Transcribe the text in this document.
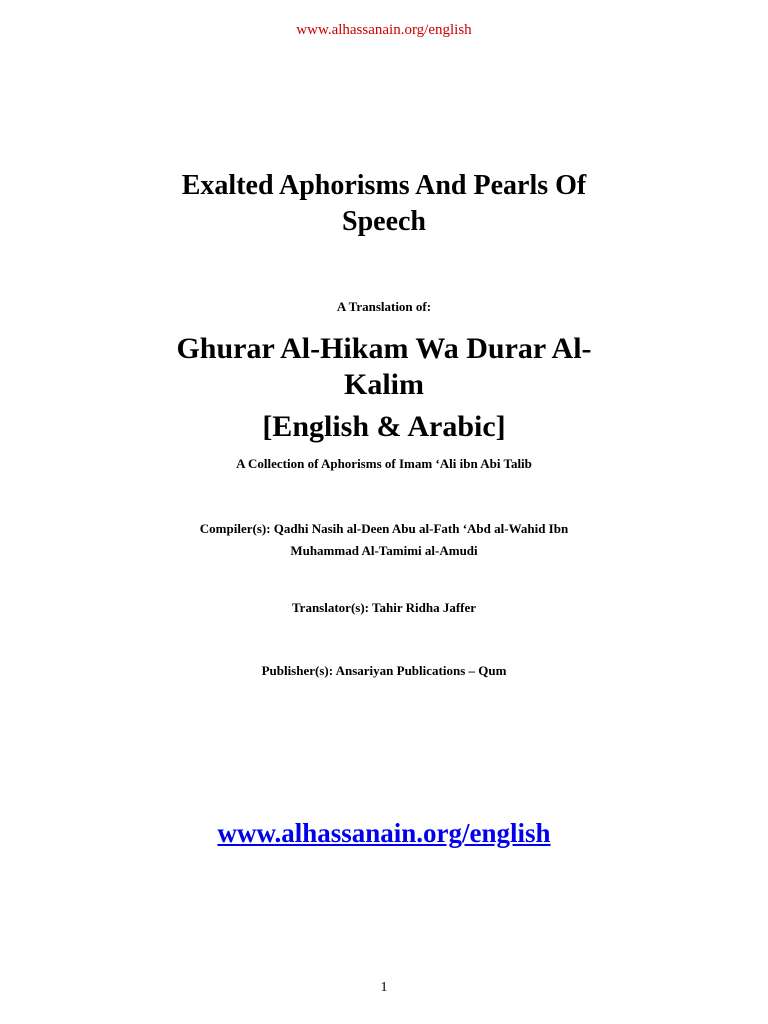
www.alhassanain.org/english
Exalted Aphorisms And Pearls Of
Speech
A Translation of:
Ghurar Al-Hikam Wa Durar Al-
Kalim
[English & Arabic]
A Collection of Aphorisms of Imam ‘Ali ibn Abi Talib
Compiler(s): Qadhi Nasih al-Deen Abu al-Fath ‘Abd al-Wahid Ibn
Muhammad Al-Tamimi al-Amudi
Translator(s): Tahir Ridha Jaffer
Publisher(s): Ansariyan Publications – Qum
www.alhassanain.org/english
1
